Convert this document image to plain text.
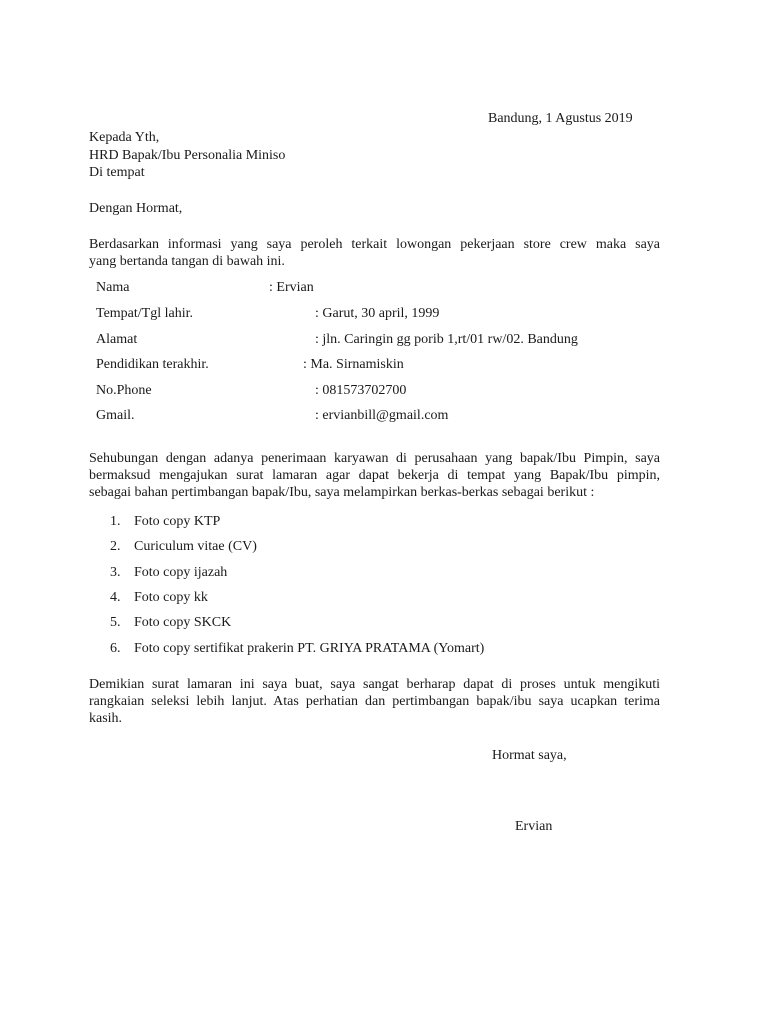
Bandung, 1 Agustus 2019
Kepada Yth,
HRD Bapak/Ibu Personalia Miniso
Di tempat
Dengan Hormat,
Berdasarkan informasi yang saya peroleh terkait lowongan pekerjaan store crew maka saya
yang bertanda tangan di bawah ini.
Nama	: Ervian
Tempat/Tgl lahir.	: Garut, 30 april, 1999
Alamat	: jln. Caringin gg porib 1,rt/01 rw/02. Bandung
Pendidikan terakhir.	: Ma. Sirnamiskin
No.Phone	: 081573702700
Gmail.	: ervianbill@gmail.com
Sehubungan dengan adanya penerimaan karyawan di perusahaan yang bapak/Ibu Pimpin, saya
bermaksud mengajukan surat lamaran agar dapat bekerja di tempat yang Bapak/Ibu pimpin,
sebagai bahan pertimbangan bapak/Ibu, saya melampirkan berkas-berkas sebagai berikut :
1. Foto copy KTP
2. Curiculum vitae (CV)
3. Foto copy ijazah
4. Foto copy kk
5. Foto copy SKCK
6. Foto copy sertifikat prakerin PT. GRIYA PRATAMA (Yomart)
Demikian surat lamaran ini saya buat, saya sangat berharap dapat di proses untuk mengikuti
rangkaian seleksi lebih lanjut. Atas perhatian dan pertimbangan bapak/ibu saya ucapkan terima
kasih.
Hormat saya,
Ervian
